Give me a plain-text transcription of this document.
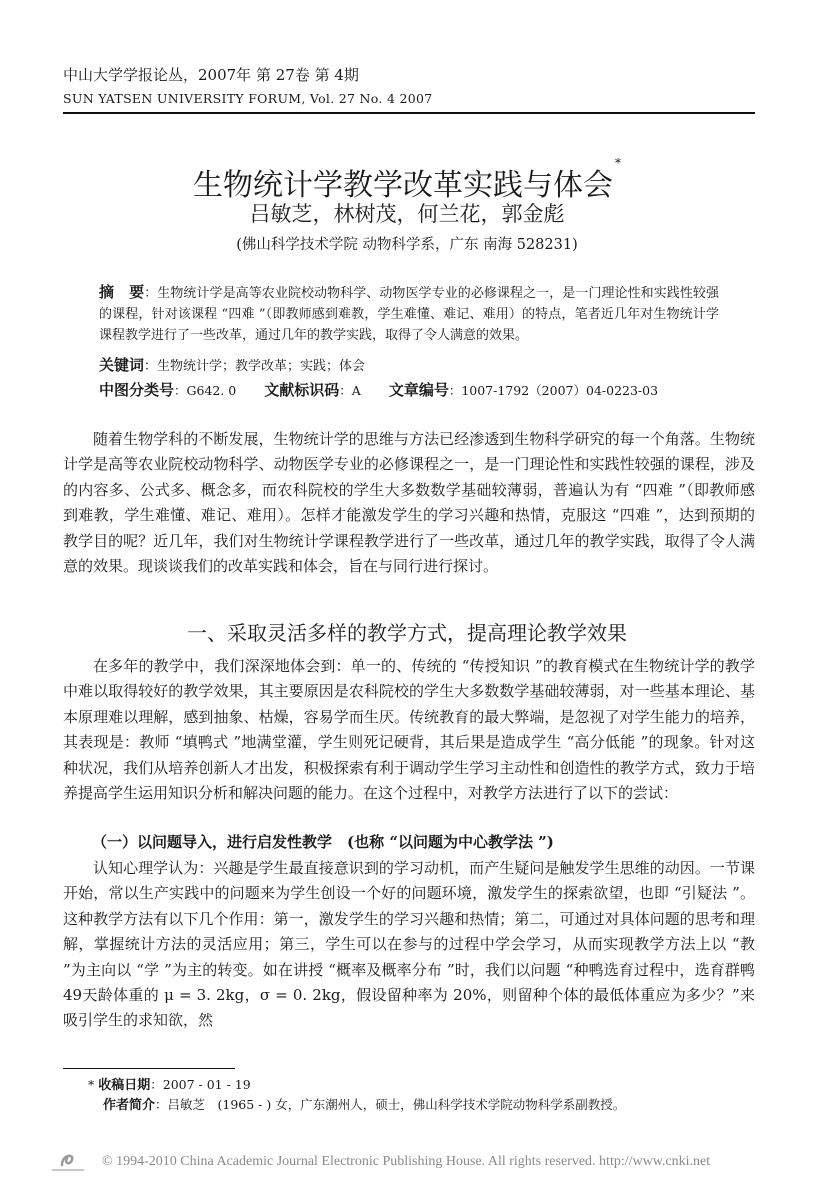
中山大学学报论丛，2007年 第 27卷 第 4期
SUN YATSEN UNIVERSITY FORUM, Vol. 27 No. 4 2007
生物统计学教学改革实践与体会*
吕敏芝，林树茂，何兰花，郭金彪
(佛山科学技术学院 动物科学系，广东 南海 528231)
摘　要：生物统计学是高等农业院校动物科学、动物医学专业的必修课程之一，是一门理论性和实践性较强的课程，针对该课程 “四难 ”（即教师感到难教，学生难懂、难记、难用）的特点，笔者近几年对生物统计学课程教学进行了一些改革，通过几年的教学实践，取得了令人满意的效果。
关键词：生物统计学；教学改革；实践；体会
中图分类号：G642. 0 文献标识码：A 文章编号：1007-1792（2007）04-0223-03
随着生物学科的不断发展，生物统计学的思维与方法已经渗透到生物科学研究的每一个角落。生物统计学是高等农业院校动物科学、动物医学专业的必修课程之一，是一门理论性和实践性较强的课程，涉及的内容多、公式多、概念多，而农科院校的学生大多数数学基础较薄弱，普遍认为有 “四难 ”（即教师感到难教，学生难懂、难记、难用）。怎样才能激发学生的学习兴趣和热情，克服这 “四难 ”，达到预期的教学目的呢？近几年，我们对生物统计学课程教学进行了一些改革，通过几年的教学实践，取得了令人满意的效果。现谈谈我们的改革实践和体会，旨在与同行进行探讨。
一、采取灵活多样的教学方式，提高理论教学效果
在多年的教学中，我们深深地体会到：单一的、传统的 “传授知识 ”的教育模式在生物统计学的教学中难以取得较好的教学效果，其主要原因是农科院校的学生大多数数学基础较薄弱，对一些基本理论、基本原理难以理解，感到抽象、枯燥，容易学而生厌。传统教育的最大弊端，是忽视了对学生能力的培养，其表现是：教师 “填鸭式 ”地满堂灌，学生则死记硬背，其后果是造成学生 “高分低能 ”的现象。针对这种状况，我们从培养创新人才出发，积极探索有利于调动学生学习主动性和创造性的教学方式，致力于培养提高学生运用知识分析和解决问题的能力。在这个过程中，对教学方法进行了以下的尝试：
（一）以问题导入，进行启发性教学　(也称 “以问题为中心教学法 ”)
认知心理学认为：兴趣是学生最直接意识到的学习动机，而产生疑问是触发学生思维的动因。一节课开始，常以生产实践中的问题来为学生创设一个好的问题环境，激发学生的探索欲望，也即 “引疑法 ”。这种教学方法有以下几个作用：第一，激发学生的学习兴趣和热情；第二，可通过对具体问题的思考和理解，掌握统计方法的灵活应用；第三，学生可以在参与的过程中学会学习，从而实现教学方法上以 “教 ”为主向以 “学 ”为主的转变。如在讲授 “概率及概率分布 ”时，我们以问题 “种鸭选育过程中，选育群鸭 49天龄体重的 μ = 3. 2kg，σ = 0. 2kg，假设留种率为 20%，则留种个体的最低体重应为多少？”来吸引学生的求知欲，然
* 收稿日期：2007 - 01 - 19
作者简介：吕敏芝　(1965 - ) 女，广东潮州人，硕士，佛山科学技术学院动物科学系副教授。
© 1994-2010 China Academic Journal Electronic Publishing House. All rights reserved. http://www.cnki.net
